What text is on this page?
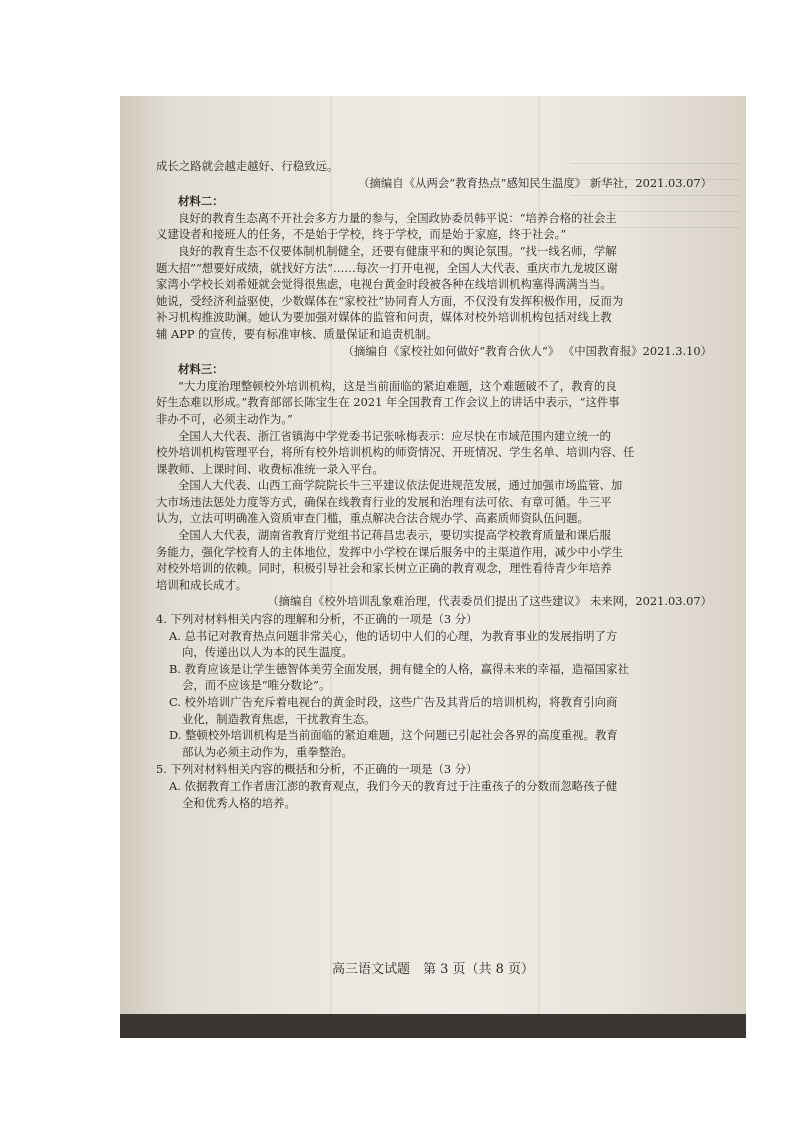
成长之路就会越走越好、行稳致远。
（摘编自《从两会“教育热点”感知民生温度》 新华社，2021.03.07）
材料二：
良好的教育生态离不开社会多方力量的参与，全国政协委员韩平说：“培养合格的社会主
义建设者和接班人的任务，不是始于学校，终于学校，而是始于家庭，终于社会。”
良好的教育生态不仅要体制机制健全，还要有健康平和的舆论氛围。“找一线名师，学解
题大招”“想要好成绩，就找好方法”……每次一打开电视，全国人大代表、重庆市九龙坡区谢
家湾小学校长刘希娅就会觉得很焦虑，电视台黄金时段被各种在线培训机构塞得满满当当。
她说，受经济利益驱使，少数媒体在“家校社”协同育人方面，不仅没有发挥积极作用，反而为
补习机构推波助澜。她认为要加强对媒体的监管和问责，媒体对校外培训机构包括对线上教
辅 APP 的宣传，要有标准审核、质量保证和追责机制。
（摘编自《家校社如何做好“教育合伙人”》 《中国教育报》2021.3.10）
材料三：
“大力度治理整顿校外培训机构，这是当前面临的紧迫难题，这个难题破不了，教育的良
好生态难以形成。”教育部部长陈宝生在 2021 年全国教育工作会议上的讲话中表示，“这件事
非办不可，必须主动作为。”
全国人大代表、浙江省镇海中学党委书记张咏梅表示：应尽快在市域范围内建立统一的
校外培训机构管理平台，将所有校外培训机构的师资情况、开班情况、学生名单、培训内容、任
课教师、上课时间、收费标准统一录入平台。
全国人大代表、山西工商学院院长牛三平建议依法促进规范发展，通过加强市场监管、加
大市场违法惩处力度等方式，确保在线教育行业的发展和治理有法可依、有章可循。牛三平
认为，立法可明确准入资质审查门槛，重点解决合法合规办学、高素质师资队伍问题。
全国人大代表，湖南省教育厅党组书记蒋昌忠表示，要切实提高学校教育质量和课后服
务能力，强化学校育人的主体地位，发挥中小学校在课后服务中的主渠道作用，减少中小学生
对校外培训的依赖。同时，积极引导社会和家长树立正确的教育观念，理性看待青少年培养
培训和成长成才。
（摘编自《校外培训乱象难治理，代表委员们提出了这些建议》 未来网，2021.03.07）
4. 下列对材料相关内容的理解和分析，不正确的一项是（3 分）
A. 总书记对教育热点问题非常关心，他的话切中人们的心理，为教育事业的发展指明了方
向，传递出以人为本的民生温度。
B. 教育应该是让学生德智体美劳全面发展，拥有健全的人格，赢得未来的幸福，造福国家社
会，而不应该是“唯分数论”。
C. 校外培训广告充斥着电视台的黄金时段，这些广告及其背后的培训机构，将教育引向商
业化，制造教育焦虑，干扰教育生态。
D. 整顿校外培训机构是当前面临的紧迫难题，这个问题已引起社会各界的高度重视。教育
部认为必须主动作为，重拳整治。
5. 下列对材料相关内容的概括和分析，不正确的一项是（3 分）
A. 依据教育工作者唐江澎的教育观点，我们今天的教育过于注重孩子的分数而忽略孩子健
全和优秀人格的培养。
高三语文试题　第 3 页（共 8 页）
